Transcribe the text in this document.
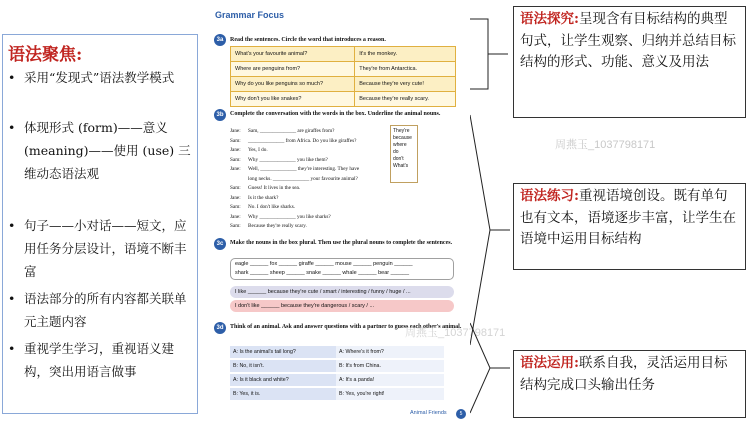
语法聚焦:
• 采用“发现式”语法教学模式
• 体现形式 (form)——意义 (meaning)——使用 (use) 三维动态语法观
• 句子——小对话——短文，应用任务分层设计，语境不断丰富
• 语法部分的所有内容都关联单元主题内容
• 重视学生学习，重视语义建构，突出用语言做事
Grammar Focus
3a	Read the sentences. Circle the word that introduces a reason.
What's your favourite animal?	It's the monkey.
Where are penguins from?	They're from Antarctica.
Why do you like penguins so much?	Because they're very cute!
Why don't you like snakes?	Because they're really scary.
3b	Complete the conversation with the words in the box. Underline the animal nouns.
Jane: Sam, ______________ are giraffes from?
Sam: ______________ from Africa. Do you like giraffes?
Jane: Yes, I do.
Sam: Why ______________ you like them?
Jane: Well, ______________ they're interesting. They have
long necks. ______________ your favourite animal?
Sam: Guess! It lives in the sea.
Jane: Is it the shark?
Sam: No. I don't like sharks.
Jane: Why ______________ you like sharks?
Sam: Because they're really scary.
They're
because
where
do
don't
What's
3c	Make the nouns in the box plural. Then use the plural nouns to complete the sentences.
eagle ______ fox ______ giraffe ______ mouse ______ penguin ______
shark ______ sheep ______ snake ______ whale ______ bear ______
I like ______ because they're cute / smart / interesting / funny / huge / ...
I don't like ______ because they're dangerous / scary / ...
3d	Think of an animal. Ask and answer questions with a partner to guess each other's animal.
A: Is the animal's tail long?
B: No, it isn't.
A: Is it black and white?
B: Yes, it is.
A: Where's it from?
B: It's from China.
A: It's a panda!
B: Yes, you're right!
Animal Friends	5
周燕玉_1037798171
周燕玉_1037798171
语法探究:呈现含有目标结构的典型句式，让学生观察、归纳并总结目标结构的形式、功能、意义及用法
语法练习:重视语境创设。既有单句也有文本，语境逐步丰富，让学生在语境中运用目标结构
语法运用:联系自我，灵活运用目标结构完成口头输出任务
